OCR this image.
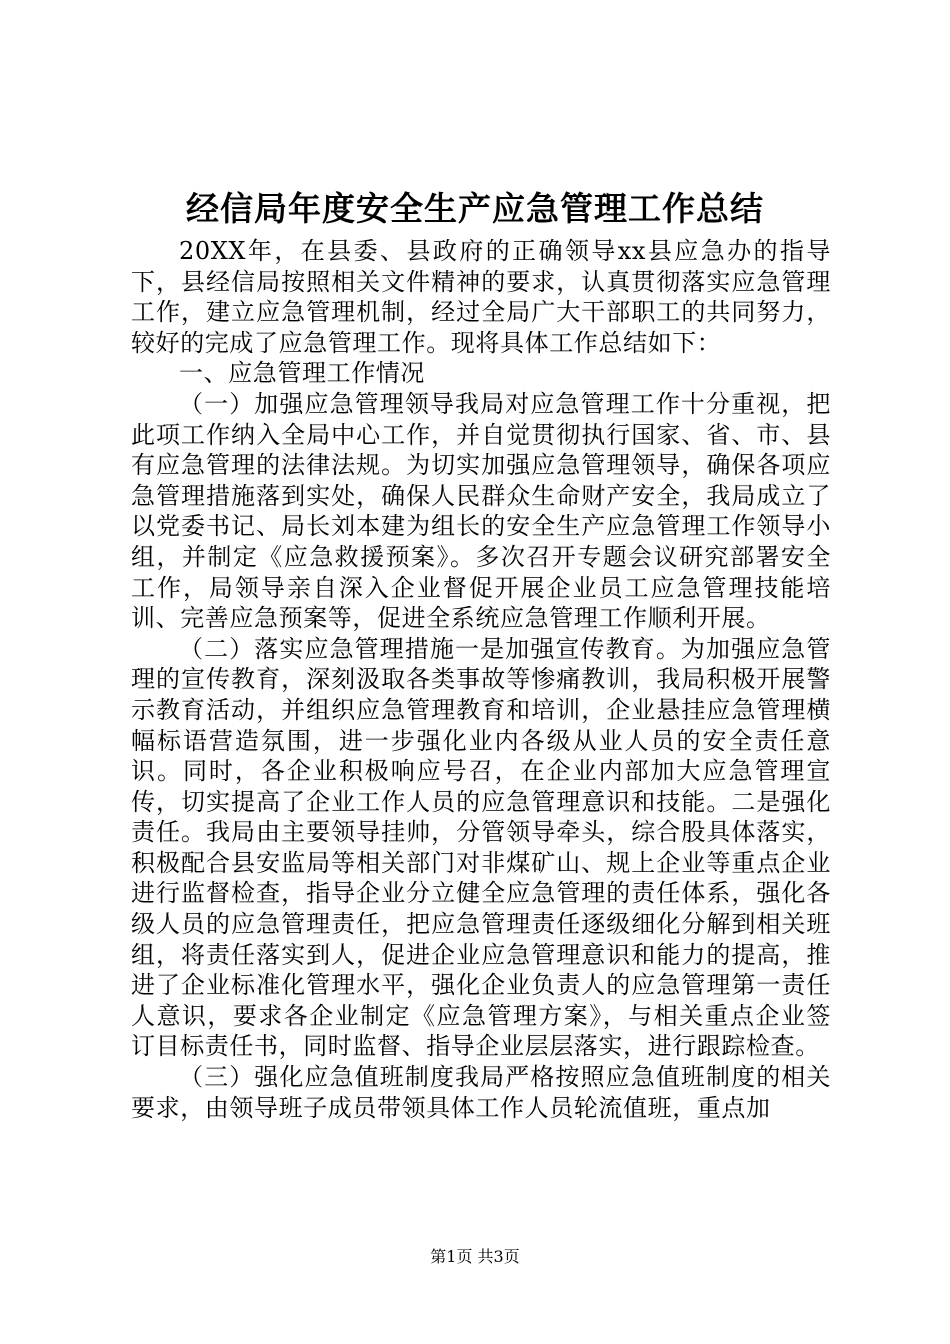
经信局年度安全生产应急管理工作总结

20XX年，在县委、县政府的正确领导xx县应急办的指导下，县经信局按照相关文件精神的要求，认真贯彻落实应急管理工作，建立应急管理机制，经过全局广大干部职工的共同努力，较好的完成了应急管理工作。现将具体工作总结如下：

一、应急管理工作情况

（一）加强应急管理领导我局对应急管理工作十分重视，把此项工作纳入全局中心工作，并自觉贯彻执行国家、省、市、县有应急管理的法律法规。为切实加强应急管理领导，确保各项应急管理措施落到实处，确保人民群众生命财产安全，我局成立了以党委书记、局长刘本建为组长的安全生产应急管理工作领导小组，并制定《应急救援预案》。多次召开专题会议研究部署安全工作，局领导亲自深入企业督促开展企业员工应急管理技能培训、完善应急预案等，促进全系统应急管理工作顺利开展。

（二）落实应急管理措施一是加强宣传教育。为加强应急管理的宣传教育，深刻汲取各类事故等惨痛教训，我局积极开展警示教育活动，并组织应急管理教育和培训，企业悬挂应急管理横幅标语营造氛围，进一步强化业内各级从业人员的安全责任意识。同时，各企业积极响应号召，在企业内部加大应急管理宣传，切实提高了企业工作人员的应急管理意识和技能。二是强化责任。我局由主要领导挂帅，分管领导牵头，综合股具体落实，积极配合县安监局等相关部门对非煤矿山、规上企业等重点企业进行监督检查，指导企业分立健全应急管理的责任体系，强化各级人员的应急管理责任，把应急管理责任逐级细化分解到相关班组，将责任落实到人，促进企业应急管理意识和能力的提高，推进了企业标准化管理水平，强化企业负责人的应急管理第一责任人意识，要求各企业制定《应急管理方案》，与相关重点企业签订目标责任书，同时监督、指导企业层层落实，进行跟踪检查。

（三）强化应急值班制度我局严格按照应急值班制度的相关要求，由领导班子成员带领具体工作人员轮流值班，重点加

第1页 共3页
